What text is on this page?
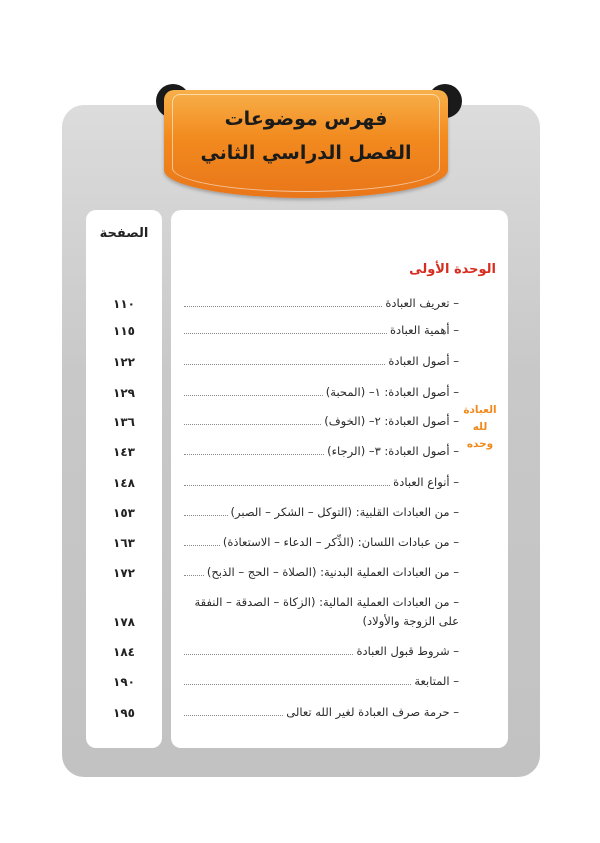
فهرس موضوعات
الفصل الدراسي الثاني
الصفحة
الوحدة الأولى
العبادة لله
وحده
– تعريف العبادة
– أهمية العبادة
– أصول العبادة
– أصول العبادة: ١– (المحبة)
– أصول العبادة: ٢– (الخوف)
– أصول العبادة: ٣– (الرجاء)
– أنواع العبادة
– من العبادات القلبية: (التوكل – الشكر – الصبر)
– من عبادات اللسان: (الذِّكر – الدعاء – الاستعاذة)
– من العبادات العملية البدنية: (الصلاة – الحج – الذبح)
– من العبادات العملية المالية: (الزكاة – الصدقة – النفقة
على الزوجة والأولاد)
– شروط قبول العبادة
– المتابعة
– حرمة صرف العبادة لغير الله تعالى
١١٠
١١٥
١٢٢
١٢٩
١٣٦
١٤٣
١٤٨
١٥٣
١٦٣
١٧٢
١٧٨
١٨٤
١٩٠
١٩٥
